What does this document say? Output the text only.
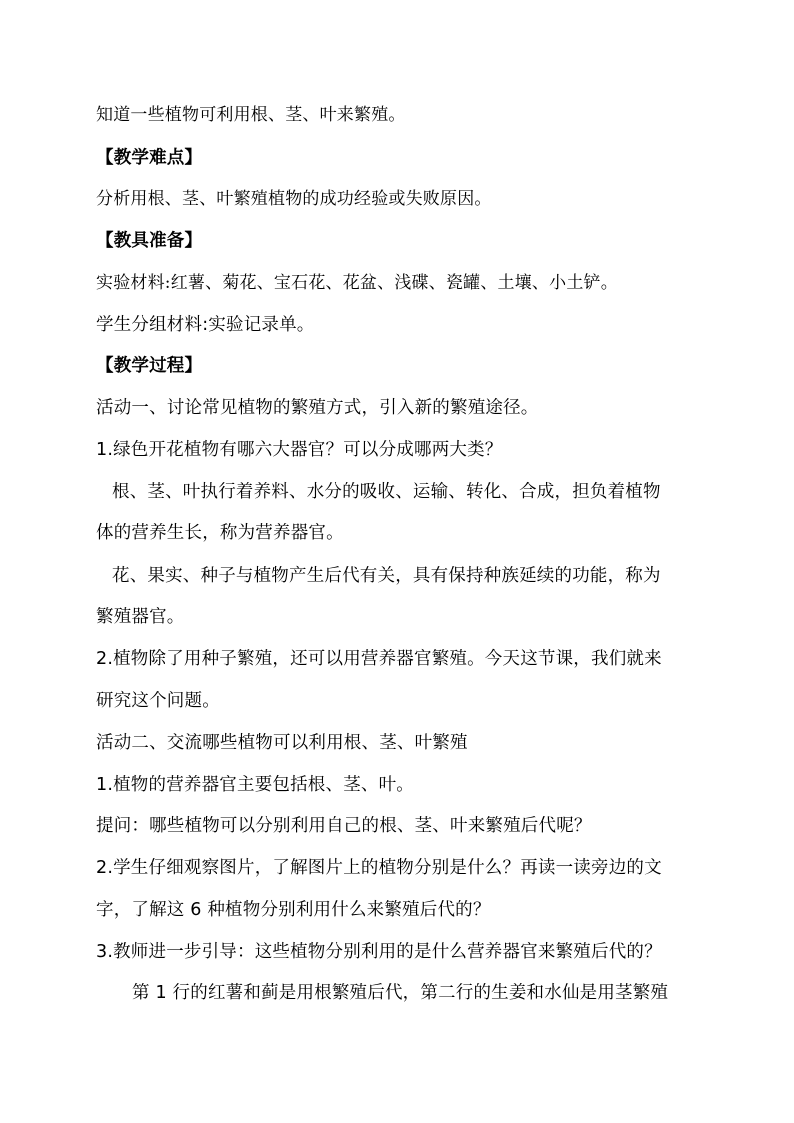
知道一些植物可利用根、茎、叶来繁殖。
【教学难点】
分析用根、茎、叶繁殖植物的成功经验或失败原因。
【教具准备】
实验材料:红薯、菊花、宝石花、花盆、浅碟、瓷罐、土壤、小土铲。
学生分组材料:实验记录单。
【教学过程】
活动一、讨论常见植物的繁殖方式，引入新的繁殖途径。
1.绿色开花植物有哪六大器官？可以分成哪两大类？
根、茎、叶执行着养料、水分的吸收、运输、转化、合成，担负着植物
体的营养生长，称为营养器官。
花、果实、种子与植物产生后代有关，具有保持种族延续的功能，称为
繁殖器官。
2.植物除了用种子繁殖，还可以用营养器官繁殖。今天这节课，我们就来
研究这个问题。
活动二、交流哪些植物可以利用根、茎、叶繁殖
1.植物的营养器官主要包括根、茎、叶。
提问：哪些植物可以分别利用自己的根、茎、叶来繁殖后代呢？
2.学生仔细观察图片，了解图片上的植物分别是什么？再读一读旁边的文
字，了解这 6 种植物分别利用什么来繁殖后代的？
3.教师进一步引导：这些植物分别利用的是什么营养器官来繁殖后代的？
第 1 行的红薯和蓟是用根繁殖后代，第二行的生姜和水仙是用茎繁殖
